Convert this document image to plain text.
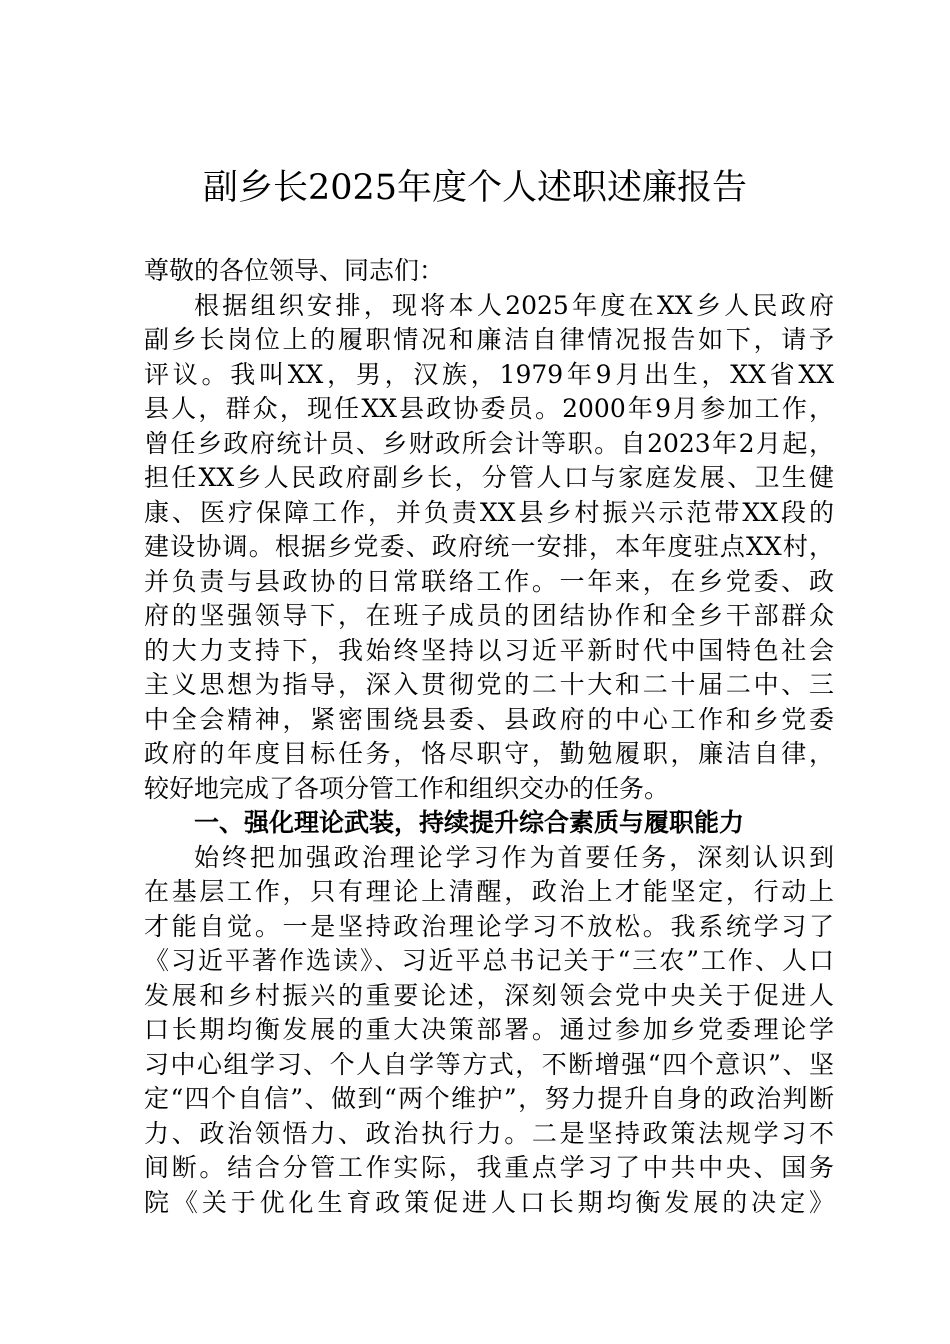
副乡长2025年度个人述职述廉报告
尊敬的各位领导、同志们：
根据组织安排，现将本人2025年度在XX乡人民政府
副乡长岗位上的履职情况和廉洁自律情况报告如下，请予
评议。我叫XX，男，汉族，1979年9月出生，XX省XX
县人，群众，现任XX县政协委员。2000年9月参加工作，
曾任乡政府统计员、乡财政所会计等职。自2023年2月起，
担任XX乡人民政府副乡长，分管人口与家庭发展、卫生健
康、医疗保障工作，并负责XX县乡村振兴示范带XX段的
建设协调。根据乡党委、政府统一安排，本年度驻点XX村，
并负责与县政协的日常联络工作。一年来，在乡党委、政
府的坚强领导下，在班子成员的团结协作和全乡干部群众
的大力支持下，我始终坚持以习近平新时代中国特色社会
主义思想为指导，深入贯彻党的二十大和二十届二中、三
中全会精神，紧密围绕县委、县政府的中心工作和乡党委
政府的年度目标任务，恪尽职守，勤勉履职，廉洁自律，
较好地完成了各项分管工作和组织交办的任务。
一、强化理论武装，持续提升综合素质与履职能力
始终把加强政治理论学习作为首要任务，深刻认识到
在基层工作，只有理论上清醒，政治上才能坚定，行动上
才能自觉。一是坚持政治理论学习不放松。我系统学习了
《习近平著作选读》、习近平总书记关于“三农”工作、人口
发展和乡村振兴的重要论述，深刻领会党中央关于促进人
口长期均衡发展的重大决策部署。通过参加乡党委理论学
习中心组学习、个人自学等方式，不断增强“四个意识”、坚
定“四个自信”、做到“两个维护”，努力提升自身的政治判断
力、政治领悟力、政治执行力。二是坚持政策法规学习不
间断。结合分管工作实际，我重点学习了中共中央、国务
院《关于优化生育政策促进人口长期均衡发展的决定》
